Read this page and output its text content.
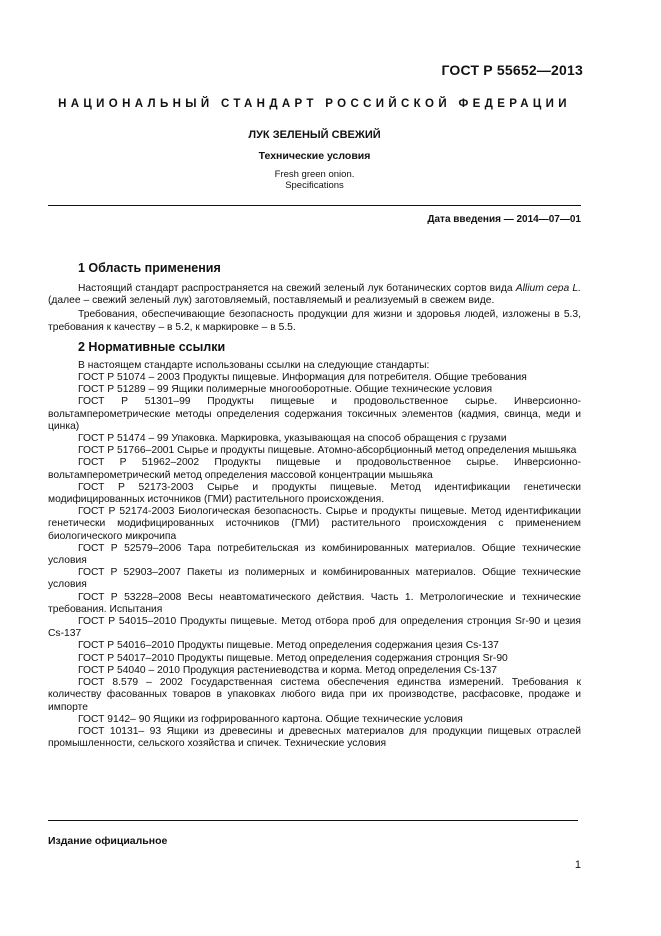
ГОСТ Р 55652—2013
НАЦИОНАЛЬНЫЙ СТАНДАРТ РОССИЙСКОЙ ФЕДЕРАЦИИ
ЛУК ЗЕЛЕНЫЙ СВЕЖИЙ
Технические условия
Fresh green onion.
Specifications
Дата введения — 2014—07—01
1 Область применения

Настоящий стандарт распространяется на свежий зеленый лук ботанических сортов вида Allium сера L. (далее – свежий зеленый лук) заготовляемый, поставляемый и реализуемый в свежем виде.

Требования, обеспечивающие безопасность продукции для жизни и здоровья людей, изложены в 5.3, требования к качеству – в 5.2, к маркировке – в 5.5.

2 Нормативные ссылки

В настоящем стандарте использованы ссылки на следующие стандарты:

ГОСТ Р 51074 – 2003 Продукты пищевые. Информация для потребителя. Общие требования

ГОСТ Р 51289 – 99 Ящики полимерные многооборотные. Общие технические условия

ГОСТ Р 51301–99 Продукты пищевые и продовольственное сырье. Инверсионно-вольтамперометрические методы определения содержания токсичных элементов (кадмия, свинца, меди и цинка)

ГОСТ Р 51474 – 99 Упаковка. Маркировка, указывающая на способ обращения с грузами

ГОСТ Р 51766–2001 Сырье и продукты пищевые. Атомно-абсорбционный метод определения мышьяка

ГОСТ Р 51962–2002 Продукты пищевые и продовольственное сырье. Инверсионно-вольтамперометрический метод определения массовой концентрации мышьяка

ГОСТ Р 52173-2003 Сырье и продукты пищевые. Метод идентификации генетически модифицированных источников (ГМИ) растительного происхождения.

ГОСТ Р 52174-2003 Биологическая безопасность. Сырье и продукты пищевые. Метод идентификации генетически модифицированных источников (ГМИ) растительного происхождения с применением биологического микрочипа

ГОСТ Р 52579–2006 Тара потребительская из комбинированных материалов. Общие технические условия

ГОСТ Р 52903–2007 Пакеты из полимерных и комбинированных материалов. Общие технические условия

ГОСТ Р 53228–2008 Весы неавтоматического действия. Часть 1. Метрологические и технические требования. Испытания

ГОСТ Р 54015–2010 Продукты пищевые. Метод отбора проб для определения стронция Sr-90 и цезия Cs-137

ГОСТ Р 54016–2010 Продукты пищевые. Метод определения содержания цезия Cs-137

ГОСТ Р 54017–2010 Продукты пищевые. Метод определения содержания стронция Sr-90

ГОСТ Р 54040 – 2010 Продукция растениеводства и корма. Метод определения Cs-137

ГОСТ 8.579 – 2002 Государственная система обеспечения единства измерений. Требования к количеству фасованных товаров в упаковках любого вида при их производстве, расфасовке, продаже и импорте

ГОСТ 9142– 90 Ящики из гофрированного картона. Общие технические условия

ГОСТ 10131– 93 Ящики из древесины и древесных материалов для продукции пищевых отраслей промышленности, сельского хозяйства и спичек. Технические условия

Издание официальное
1
